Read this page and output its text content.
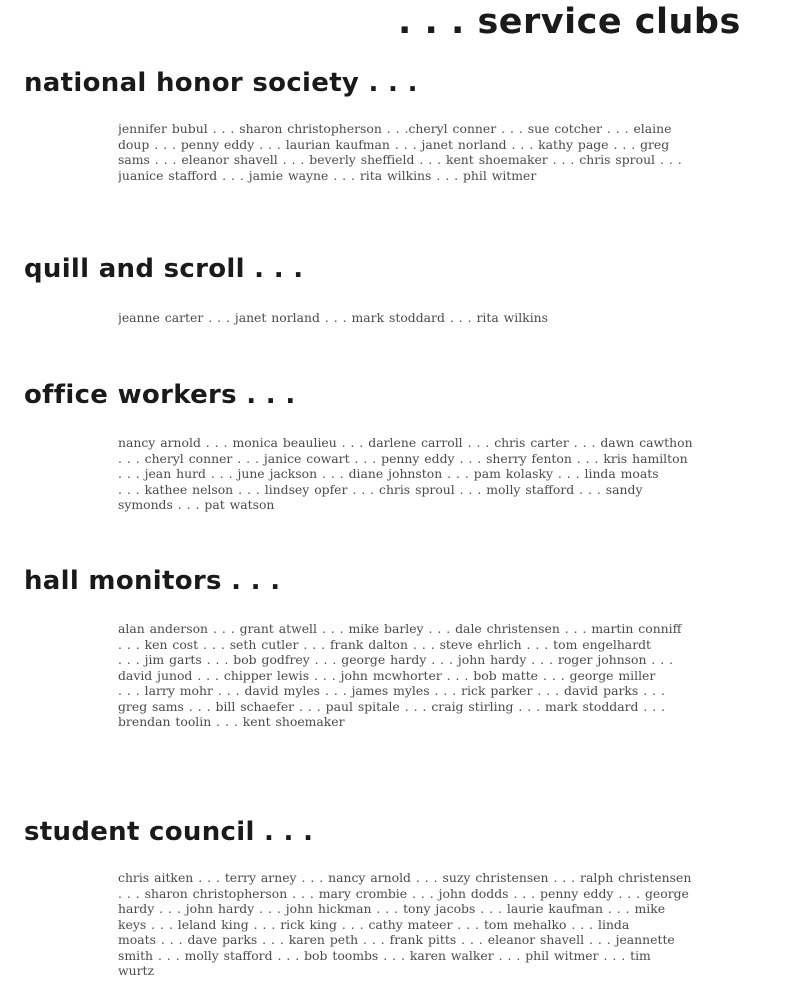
. . . service clubs
national honor society . . .
jennifer bubul . . . sharon christopherson . . .cheryl conner . . . sue cotcher . . . elaine
doup . . . penny eddy . . . laurian kaufman . . . janet norland . . . kathy page . . . greg
sams . . . eleanor shavell . . . beverly sheffield . . . kent shoemaker . . . chris sproul . . .
juanice stafford . . . jamie wayne . . . rita wilkins . . . phil witmer
quill and scroll . . .
jeanne carter . . . janet norland . . . mark stoddard . . . rita wilkins
office workers . . .
nancy arnold . . . monica beaulieu . . . darlene carroll . . . chris carter . . . dawn cawthon
. . . cheryl conner . . . janice cowart . . . penny eddy . . . sherry fenton . . . kris hamilton
. . . jean hurd . . . june jackson . . . diane johnston . . . pam kolasky . . . linda moats
. . . kathee nelson . . . lindsey opfer . . . chris sproul . . . molly stafford . . . sandy
symonds . . . pat watson
hall monitors . . .
alan anderson . . . grant atwell . . . mike barley . . . dale christensen . . . martin conniff
. . . ken cost . . . seth cutler . . . frank dalton . . . steve ehrlich . . . tom engelhardt
. . . jim garts . . . bob godfrey . . . george hardy . . . john hardy . . . roger johnson . . .
david junod . . . chipper lewis . . . john mcwhorter . . . bob matte . . . george miller
. . . larry mohr . . . david myles . . . james myles . . . rick parker . . . david parks . . .
greg sams . . . bill schaefer . . . paul spitale . . . craig stirling . . . mark stoddard . . .
brendan toolin . . . kent shoemaker
student council . . .
chris aitken . . . terry arney . . . nancy arnold . . . suzy christensen . . . ralph christensen
. . . sharon christopherson . . . mary crombie . . . john dodds . . . penny eddy . . . george
hardy . . . john hardy . . . john hickman . . . tony jacobs . . . laurie kaufman . . . mike
keys . . . leland king . . . rick king . . . cathy mateer . . . tom mehalko . . . linda
moats . . . dave parks . . . karen peth . . . frank pitts . . . eleanor shavell . . . jeannette
smith . . . molly stafford . . . bob toombs . . . karen walker . . . phil witmer . . . tim
wurtz
